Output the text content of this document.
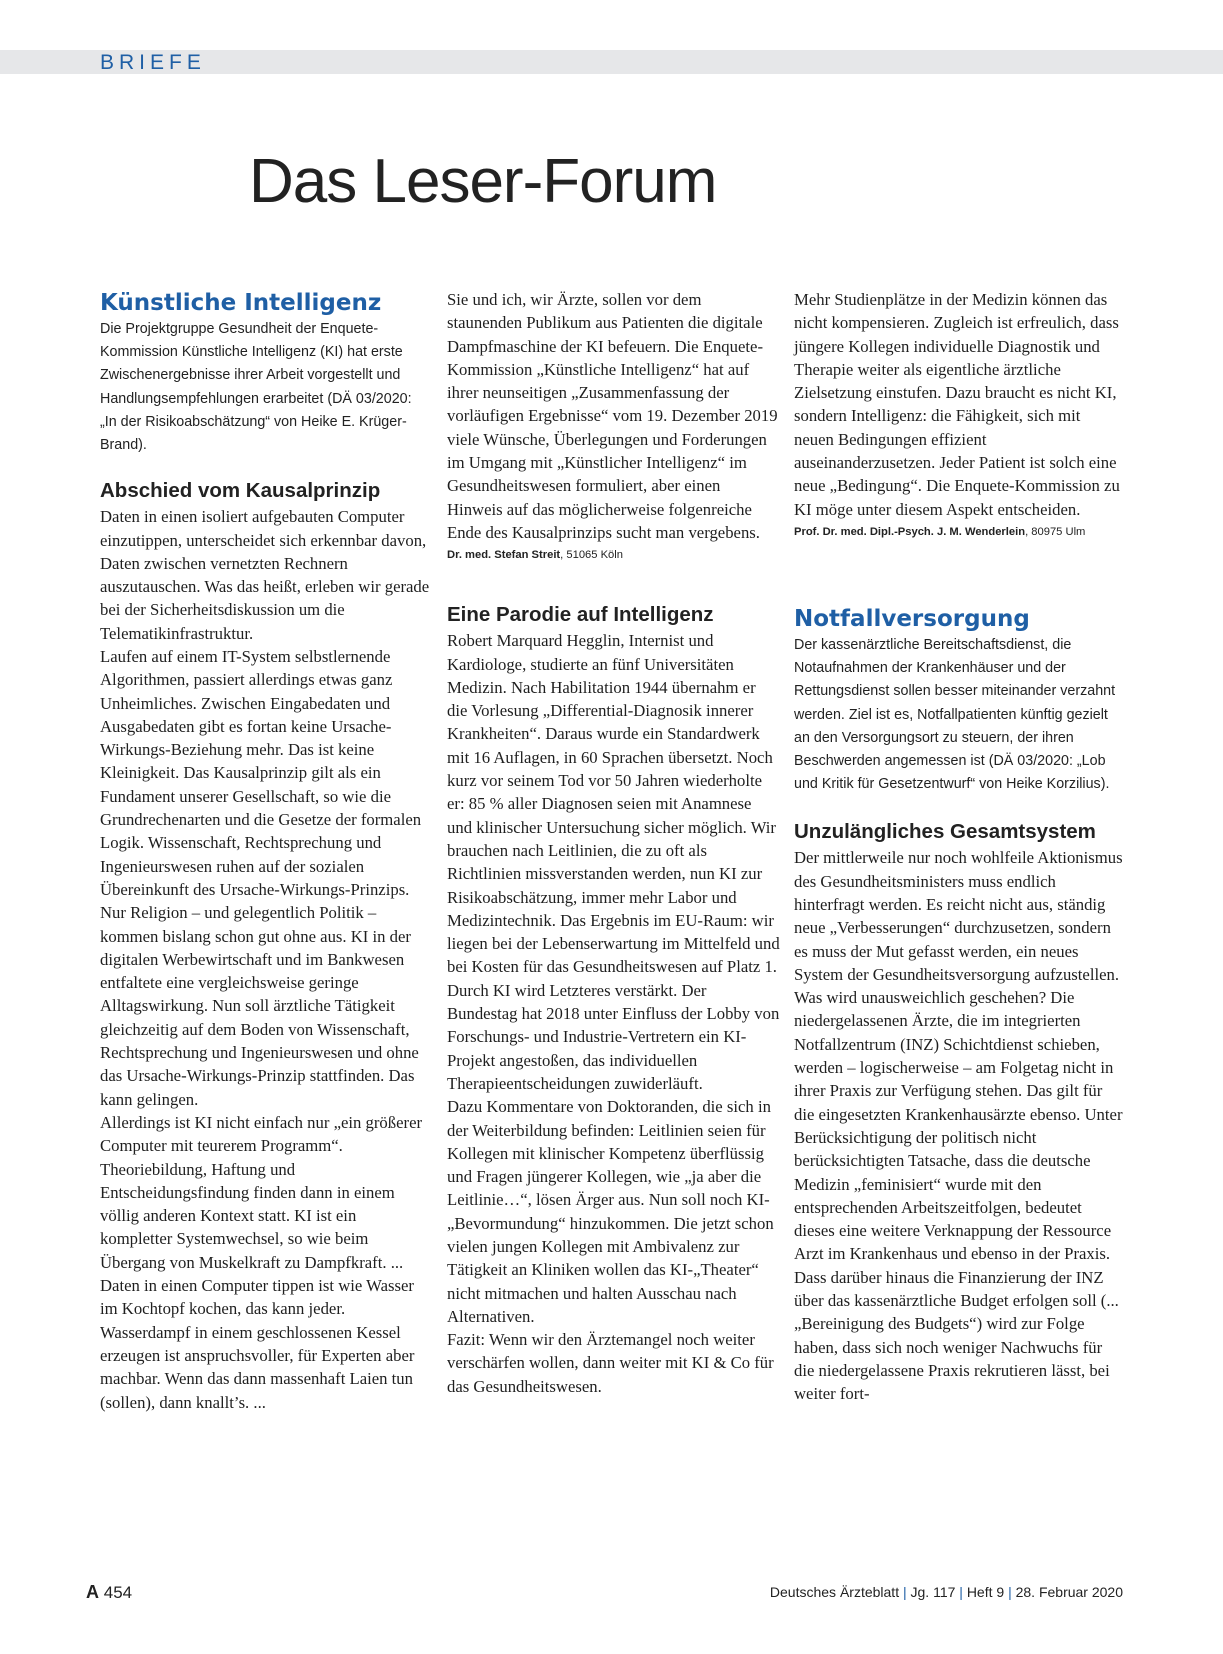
BRIEFE
Das Leser-Forum
Künstliche Intelligenz

Die Projektgruppe Gesundheit der Enquete-Kommission Künstliche Intelligenz (KI) hat erste Zwischenergebnisse ihrer Arbeit vorgestellt und Handlungsempfehlungen erarbeitet (DÄ 03/2020: „In der Risikoabschätzung“ von Heike E. Krüger-Brand).

Abschied vom Kausalprinzip

Daten in einen isoliert aufgebauten Computer einzutippen, unterscheidet sich erkennbar davon, Daten zwischen vernetzten Rechnern auszutauschen. Was das heißt, erleben wir gerade bei der Sicherheitsdiskussion um die Telematikinfrastruktur.

Laufen auf einem IT-System selbstlernende Algorithmen, passiert allerdings etwas ganz Unheimliches. Zwischen Eingabedaten und Ausgabedaten gibt es fortan keine Ursache-Wirkungs-Beziehung mehr. Das ist keine Kleinigkeit. Das Kausalprinzip gilt als ein Fundament unserer Gesellschaft, so wie die Grundrechenarten und die Gesetze der formalen Logik. Wissenschaft, Rechtsprechung und Ingenieurswesen ruhen auf der sozialen Übereinkunft des Ursache-Wirkungs-Prinzips. Nur Religion – und gelegentlich Politik – kommen bislang schon gut ohne aus. KI in der digitalen Werbewirtschaft und im Bankwesen entfaltete eine vergleichsweise geringe Alltagswirkung. Nun soll ärztliche Tätigkeit gleichzeitig auf dem Boden von Wissenschaft, Rechtsprechung und Ingenieurswesen und ohne das Ursache-Wirkungs-Prinzip stattfinden. Das kann gelingen.

Allerdings ist KI nicht einfach nur „ein größerer Computer mit teurerem Programm“. Theoriebildung, Haftung und Entscheidungsfindung finden dann in einem völlig anderen Kontext statt. KI ist ein kompletter Systemwechsel, so wie beim Übergang von Muskelkraft zu Dampfkraft. ...

Daten in einen Computer tippen ist wie Wasser im Kochtopf kochen, das kann jeder. Wasserdampf in einem geschlossenen Kessel erzeugen ist anspruchsvoller, für Experten aber machbar. Wenn das dann massenhaft Laien tun (sollen), dann knallt’s. ...

Sie und ich, wir Ärzte, sollen vor dem staunenden Publikum aus Patienten die digitale Dampfmaschine der KI befeuern. Die Enquete-Kommission „Künstliche Intelligenz“ hat auf ihrer neunseitigen „Zusammenfassung der vorläufigen Ergebnisse“ vom 19. Dezember 2019 viele Wünsche, Überlegungen und Forderungen im Umgang mit „Künstlicher Intelligenz“ im Gesundheitswesen formuliert, aber einen Hinweis auf das möglicherweise folgenreiche Ende des Kausalprinzips sucht man vergebens.

Dr. med. Stefan Streit, 51065 Köln

Eine Parodie auf Intelligenz

Robert Marquard Hegglin, Internist und Kardiologe, studierte an fünf Universitäten Medizin. Nach Habilitation 1944 übernahm er die Vorlesung „Differential-Diagnosik innerer Krankheiten“. Daraus wurde ein Standardwerk mit 16 Auflagen, in 60 Sprachen übersetzt. Noch kurz vor seinem Tod vor 50 Jahren wiederholte er: 85 % aller Diagnosen seien mit Anamnese und klinischer Untersuchung sicher möglich. Wir brauchen nach Leitlinien, die zu oft als Richtlinien missverstanden werden, nun KI zur Risikoabschätzung, immer mehr Labor und Medizintechnik. Das Ergebnis im EU-Raum: wir liegen bei der Lebenserwartung im Mittelfeld und bei Kosten für das Gesundheitswesen auf Platz 1. Durch KI wird Letzteres verstärkt. Der Bundestag hat 2018 unter Einfluss der Lobby von Forschungs- und Industrie-Vertretern ein KI-Projekt angestoßen, das individuellen Therapieentscheidungen zuwiderläuft.

Dazu Kommentare von Doktoranden, die sich in der Weiterbildung befinden: Leitlinien seien für Kollegen mit klinischer Kompetenz überflüssig und Fragen jüngerer Kollegen, wie „ja aber die Leitlinie…“, lösen Ärger aus. Nun soll noch KI-„Bevormundung“ hinzukommen. Die jetzt schon vielen jungen Kollegen mit Ambivalenz zur Tätigkeit an Kliniken wollen das KI-„Theater“ nicht mitmachen und halten Ausschau nach Alternativen.

Fazit: Wenn wir den Ärztemangel noch weiter verschärfen wollen, dann weiter mit KI & Co für das Gesundheitswesen.

Mehr Studienplätze in der Medizin können das nicht kompensieren. Zugleich ist erfreulich, dass jüngere Kollegen individuelle Diagnostik und Therapie weiter als eigentliche ärztliche Zielsetzung einstufen. Dazu braucht es nicht KI, sondern Intelligenz: die Fähigkeit, sich mit neuen Bedingungen effizient auseinanderzusetzen. Jeder Patient ist solch eine neue „Bedingung“. Die Enquete-Kommission zu KI möge unter diesem Aspekt entscheiden.

Prof. Dr. med. Dipl.-Psych. J. M. Wenderlein, 80975 Ulm

Notfallversorgung

Der kassenärztliche Bereitschaftsdienst, die Notaufnahmen der Krankenhäuser und der Rettungsdienst sollen besser miteinander verzahnt werden. Ziel ist es, Notfallpatienten künftig gezielt an den Versorgungsort zu steuern, der ihren Beschwerden angemessen ist (DÄ 03/2020: „Lob und Kritik für Gesetzentwurf“ von Heike Korzilius).

Unzulängliches Gesamtsystem

Der mittlerweile nur noch wohlfeile Aktionismus des Gesundheitsministers muss endlich hinterfragt werden. Es reicht nicht aus, ständig neue „Verbesserungen“ durchzusetzen, sondern es muss der Mut gefasst werden, ein neues System der Gesundheitsversorgung aufzustellen.

Was wird unausweichlich geschehen? Die niedergelassenen Ärzte, die im integrierten Notfallzentrum (INZ) Schichtdienst schieben, werden – logischerweise – am Folgetag nicht in ihrer Praxis zur Verfügung stehen. Das gilt für die eingesetzten Krankenhausärzte ebenso. Unter Berücksichtigung der politisch nicht berücksichtigten Tatsache, dass die deutsche Medizin „feminisiert“ wurde mit den entsprechenden Arbeitszeitfolgen, bedeutet dieses eine weitere Verknappung der Ressource Arzt im Krankenhaus und ebenso in der Praxis.

Dass darüber hinaus die Finanzierung der INZ über das kassenärztliche Budget erfolgen soll (... „Bereinigung des Budgets“) wird zur Folge haben, dass sich noch weniger Nachwuchs für die niedergelassene Praxis rekrutieren lässt, bei weiter fort-

A 454	Deutsches Ärzteblatt | Jg. 117 | Heft 9 | 28. Februar 2020
